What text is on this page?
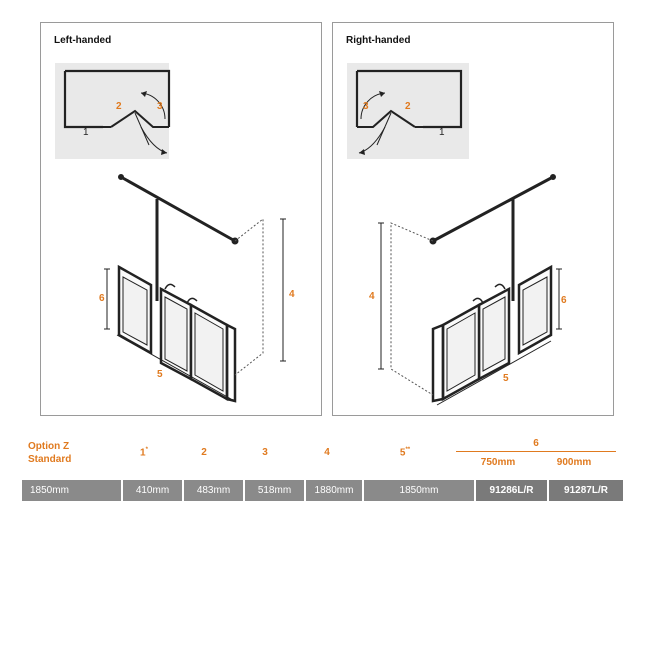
Left-handed
1
2	3
6	4
5
Right-handed
3	2
1
6
4
5
Option Z
Standard
1*	2	3	4	5**
6
750mm	900mm
1850mm	410mm	483mm	518mm	1880mm	1850mm	91286L/R	91287L/R
